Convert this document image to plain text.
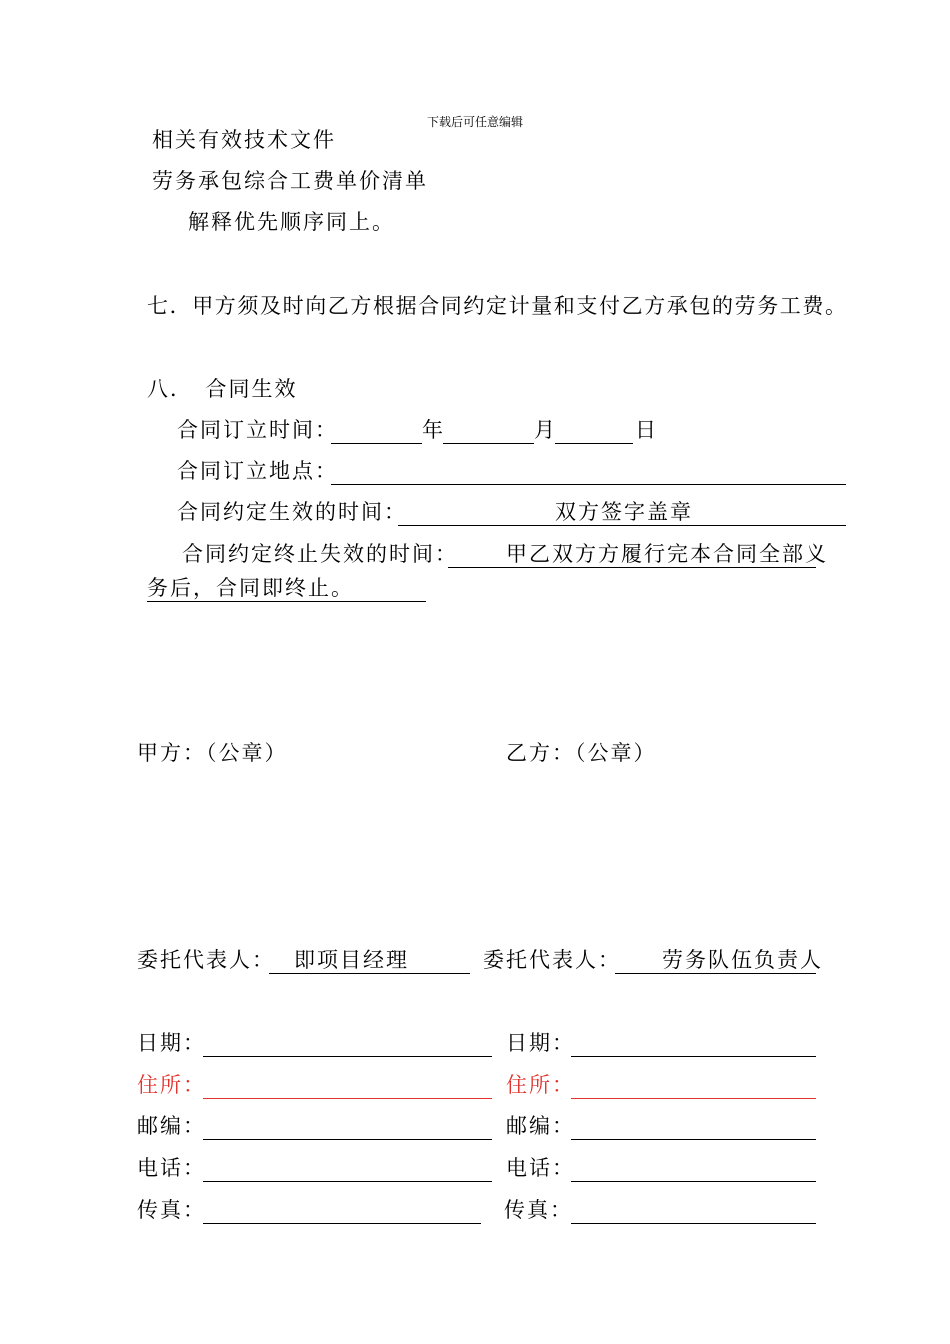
下载后可任意编辑
相关有效技术文件
劳务承包综合工费单价清单
解释优先顺序同上。
七．甲方须及时向乙方根据合同约定计量和支付乙方承包的劳务工费。
八．　合同生效
合同订立时间：	年	月	日
合同订立地点：
合同约定生效的时间：	双方签字盖章
合同约定终止失效的时间：	甲乙双方方履行完本合同全部义
务后，合同即终止。
甲方：（公章）	乙方：（公章）
委托代表人： 即项目经理	委托代表人：	劳务队伍负责人
日期：	日期：
住所：	住所：
邮编：	邮编：
电话：	电话：
传真：	传真：
